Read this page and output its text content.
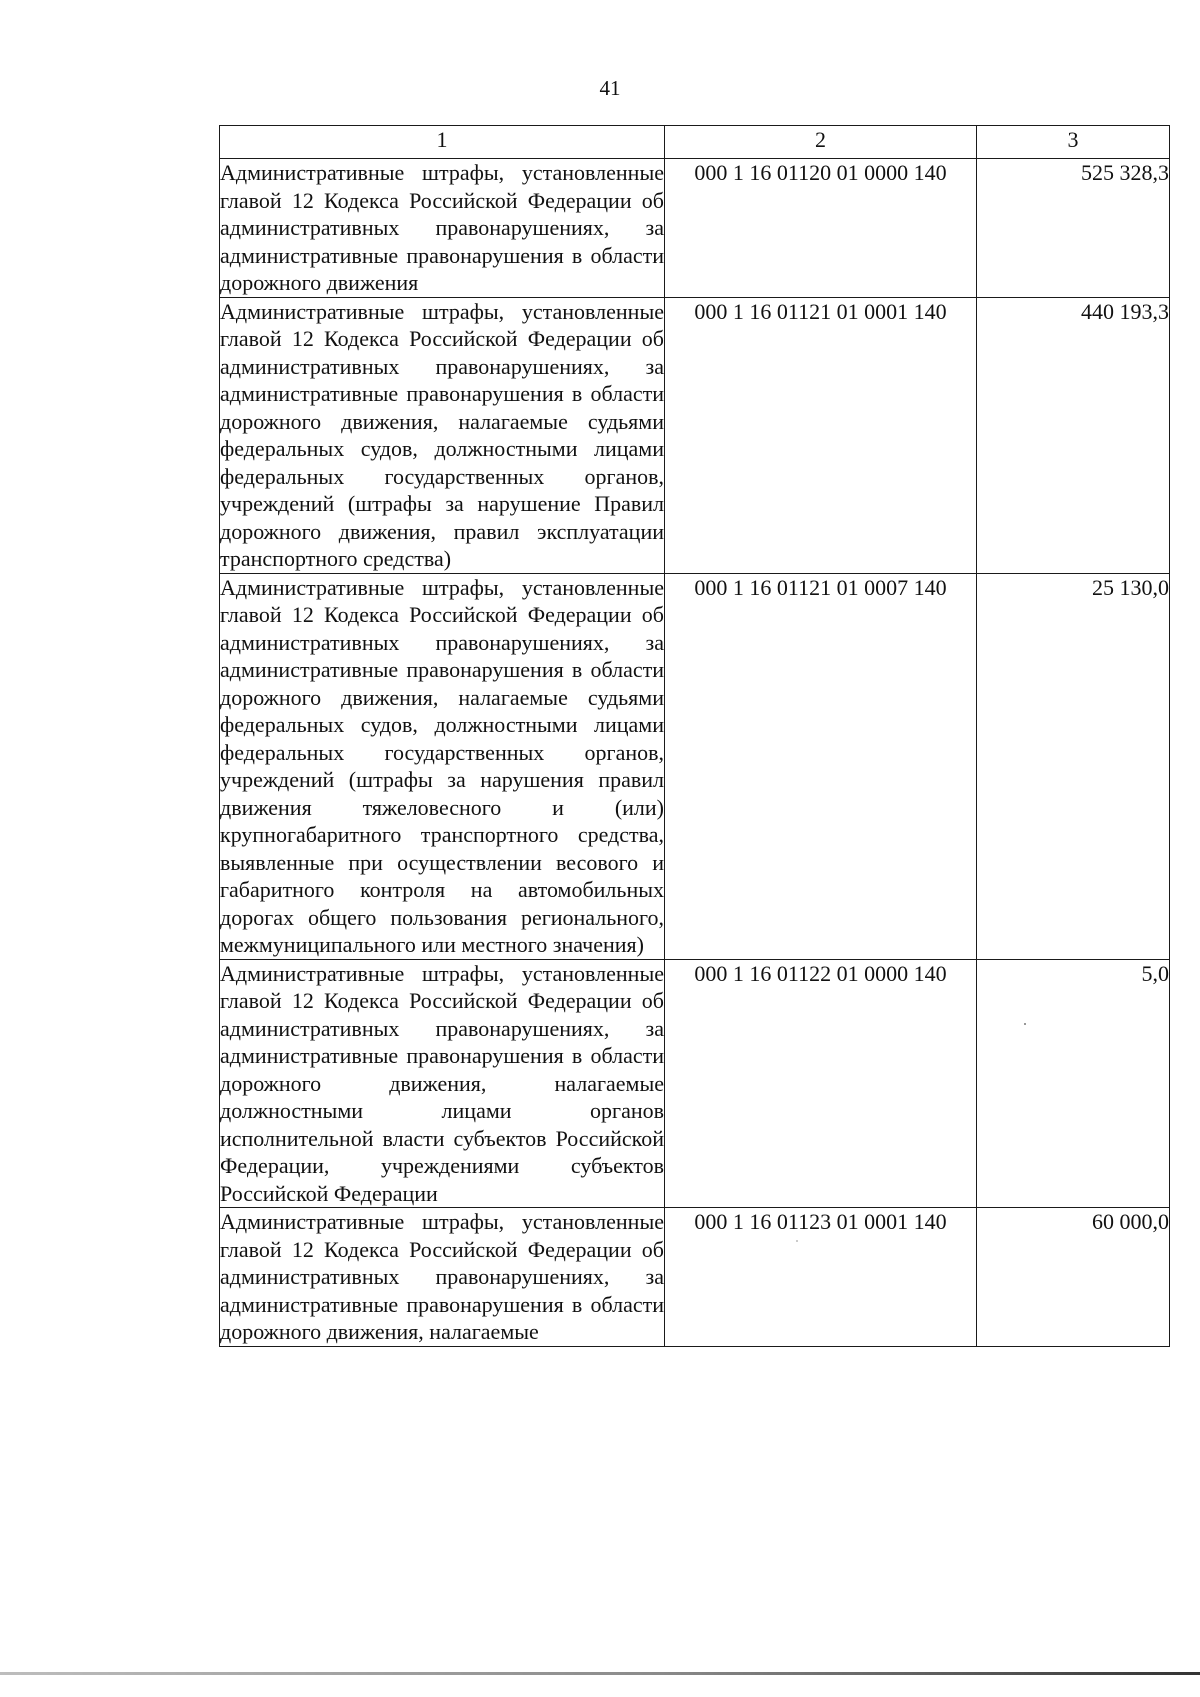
41
1	2	3
Административные штрафы, установленные главой 12 Кодекса Российской Федерации об административных правонарушениях, за административные правонарушения в области дорожного движения	000 1 16 01120 01 0000 140	525 328,3
Административные штрафы, установленные главой 12 Кодекса Российской Федерации об административных правонарушениях, за административные правонарушения в области дорожного движения, налагаемые судьями федеральных судов, должностными лицами федеральных государственных органов, учреждений (штрафы за нарушение Правил дорожного движения, правил эксплуатации транспортного средства)	000 1 16 01121 01 0001 140	440 193,3
Административные штрафы, установленные главой 12 Кодекса Российской Федерации об административных правонарушениях, за административные правонарушения в области дорожного движения, налагаемые судьями федеральных судов, должностными лицами федеральных государственных органов, учреждений (штрафы за нарушения правил движения тяжеловесного и (или) крупногабаритного транспортного средства, выявленные при осуществлении весового и габаритного контроля на автомобильных дорогах общего пользования регионального, межмуниципального или местного значения)	000 1 16 01121 01 0007 140	25 130,0
Административные штрафы, установленные главой 12 Кодекса Российской Федерации об административных правонарушениях, за административные правонарушения в области дорожного движения, налагаемые должностными лицами органов исполнительной власти субъектов Российской Федерации, учреждениями субъектов Российской Федерации	000 1 16 01122 01 0000 140	5,0
Административные штрафы, установленные главой 12 Кодекса Российской Федерации об административных правонарушениях, за административные правонарушения в области дорожного движения, налагаемые	000 1 16 01123 01 0001 140	60 000,0
